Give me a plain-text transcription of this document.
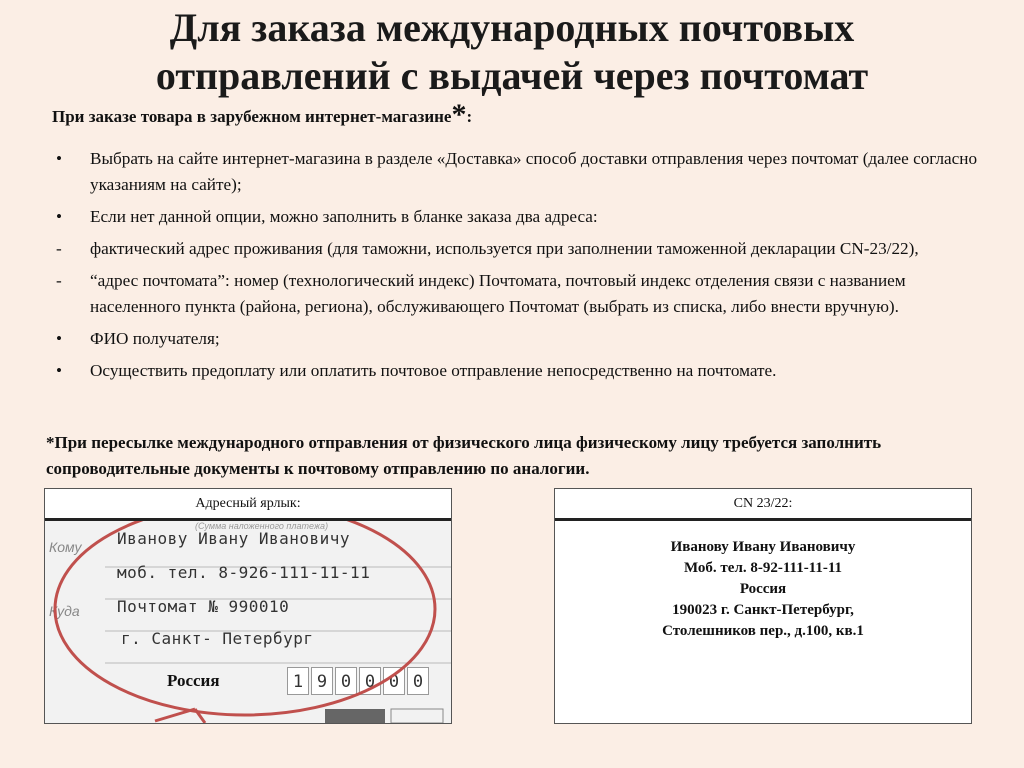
Для заказа международных почтовых
отправлений с выдачей через почтомат
При заказе товара в зарубежном интернет-магазине*:
• Выбрать на сайте интернет-магазина в разделе «Доставка» способ доставки отправления через почтомат (далее согласно указаниям на сайте);
• Если нет данной опции, можно заполнить в бланке заказа два адреса:
- фактический адрес проживания (для таможни, используется при заполнении таможенной декларации CN-23/22),
- “адрес почтомата”: номер (технологический индекс) Почтомата, почтовый индекс отделения связи с названием населенного пункта (района, региона), обслуживающего Почтомат (выбрать из списка, либо внести вручную).
• ФИО получателя;
• Осуществить предоплату или оплатить почтовое отправление непосредственно на почтомате.
*При пересылке международного отправления от физического лица физическому лицу требуется заполнить сопроводительные документы к почтовому отправлению по аналогии.
Адресный ярлык:
(Сумма наложенного платежа)
Кому
Куда
Иванову Ивану Ивановичу
моб. тел. 8-926-111-11-11
Почтомат № 990010
г. Санкт- Петербург
1 9 0 0 0 0
Россия
CN 23/22:
Иванову Ивану Ивановичу
Моб. тел. 8-92-111-11-11
Россия
190023 г. Санкт-Петербург,
Столешников пер., д.100, кв.1
